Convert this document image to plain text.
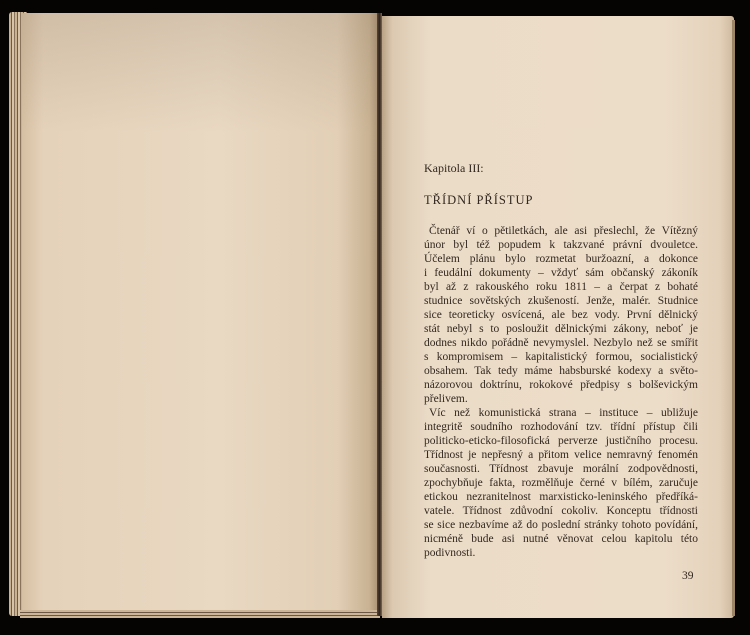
Kapitola III:
TŘÍDNÍ PŘÍSTUP
Čtenář ví o pětiletkách, ale asi přeslechl, že Vítězný
únor byl též popudem k takzvané právní dvouletce.
Účelem plánu bylo rozmetat buržoazní, a dokonce
i feudální dokumenty – vždyť sám občanský zákoník
byl až z rakouského roku 1811 – a čerpat z bohaté
studnice sovětských zkušeností. Jenže, malér. Studnice
sice teoreticky osvícená, ale bez vody. První dělnický
stát nebyl s to posloužit dělnickými zákony, neboť je
dodnes nikdo pořádně nevymyslel. Nezbylo než se smířit
s kompromisem – kapitalistický formou, socialistický
obsahem. Tak tedy máme habsburské kodexy a světo-
názorovou doktrínu, rokokové předpisy s bolševickým
přelivem.
Víc než komunistická strana – instituce – ubližuje
integritě soudního rozhodování tzv. třídní přístup čili
politicko-eticko-filosofická perverze justičního procesu.
Třídnost je nepřesný a přitom velice nemravný fenomén
současnosti. Třídnost zbavuje morální zodpovědnosti,
zpochybňuje fakta, rozmělňuje černé v bílém, zaručuje
etickou nezranitelnost marxisticko-leninského předříká-
vatele. Třídnost zdůvodní cokoliv. Konceptu třídnosti
se sice nezbavíme až do poslední stránky tohoto povídání,
nicméně bude asi nutné věnovat celou kapitolu této
podivnosti.
39
